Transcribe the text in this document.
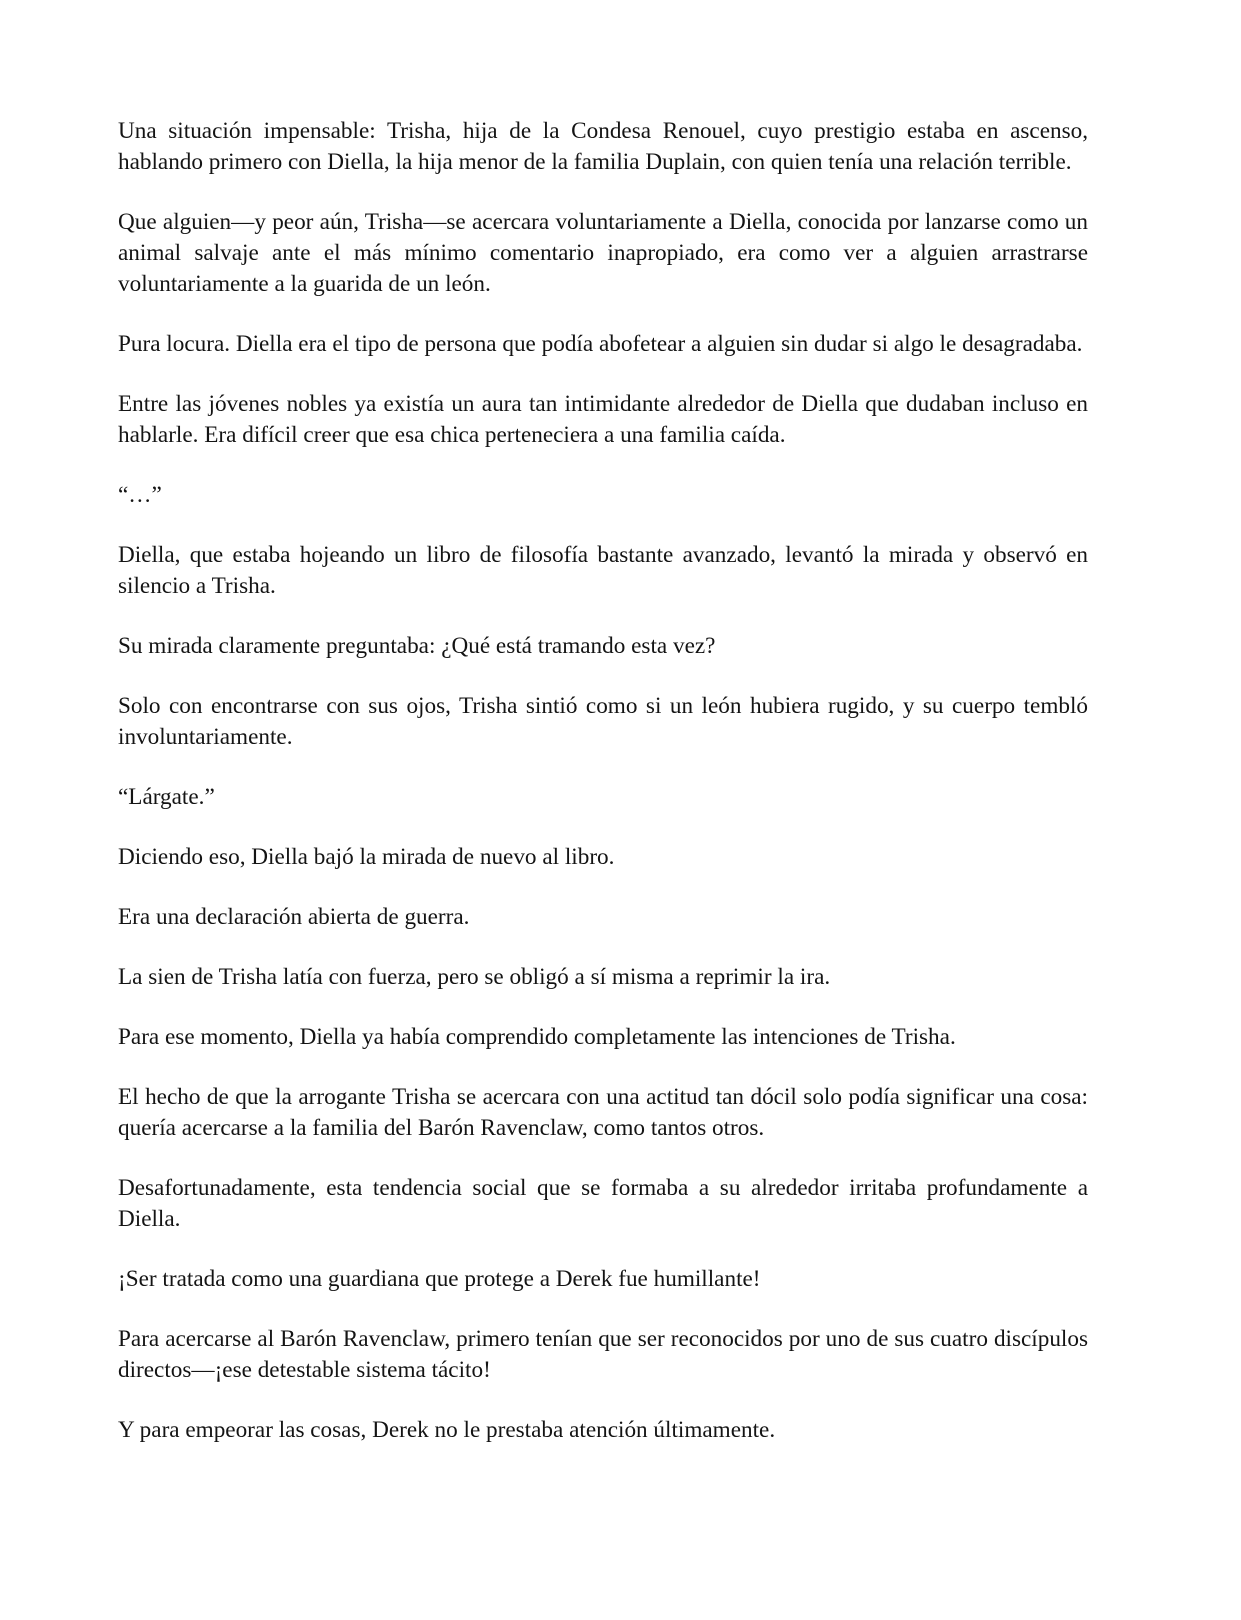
Una situación impensable: Trisha, hija de la Condesa Renouel, cuyo prestigio estaba en ascenso, hablando primero con Diella, la hija menor de la familia Duplain, con quien tenía una relación terrible.

Que alguien—y peor aún, Trisha—se acercara voluntariamente a Diella, conocida por lanzarse como un animal salvaje ante el más mínimo comentario inapropiado, era como ver a alguien arrastrarse voluntariamente a la guarida de un león.

Pura locura. Diella era el tipo de persona que podía abofetear a alguien sin dudar si algo le desagradaba.

Entre las jóvenes nobles ya existía un aura tan intimidante alrededor de Diella que dudaban incluso en hablarle. Era difícil creer que esa chica perteneciera a una familia caída.

“…”

Diella, que estaba hojeando un libro de filosofía bastante avanzado, levantó la mirada y observó en silencio a Trisha.

Su mirada claramente preguntaba: ¿Qué está tramando esta vez?

Solo con encontrarse con sus ojos, Trisha sintió como si un león hubiera rugido, y su cuerpo tembló involuntariamente.

“Lárgate.”

Diciendo eso, Diella bajó la mirada de nuevo al libro.

Era una declaración abierta de guerra.

La sien de Trisha latía con fuerza, pero se obligó a sí misma a reprimir la ira.

Para ese momento, Diella ya había comprendido completamente las intenciones de Trisha.

El hecho de que la arrogante Trisha se acercara con una actitud tan dócil solo podía significar una cosa: quería acercarse a la familia del Barón Ravenclaw, como tantos otros.

Desafortunadamente, esta tendencia social que se formaba a su alrededor irritaba profundamente a Diella.

¡Ser tratada como una guardiana que protege a Derek fue humillante!

Para acercarse al Barón Ravenclaw, primero tenían que ser reconocidos por uno de sus cuatro discípulos directos—¡ese detestable sistema tácito!

Y para empeorar las cosas, Derek no le prestaba atención últimamente.
